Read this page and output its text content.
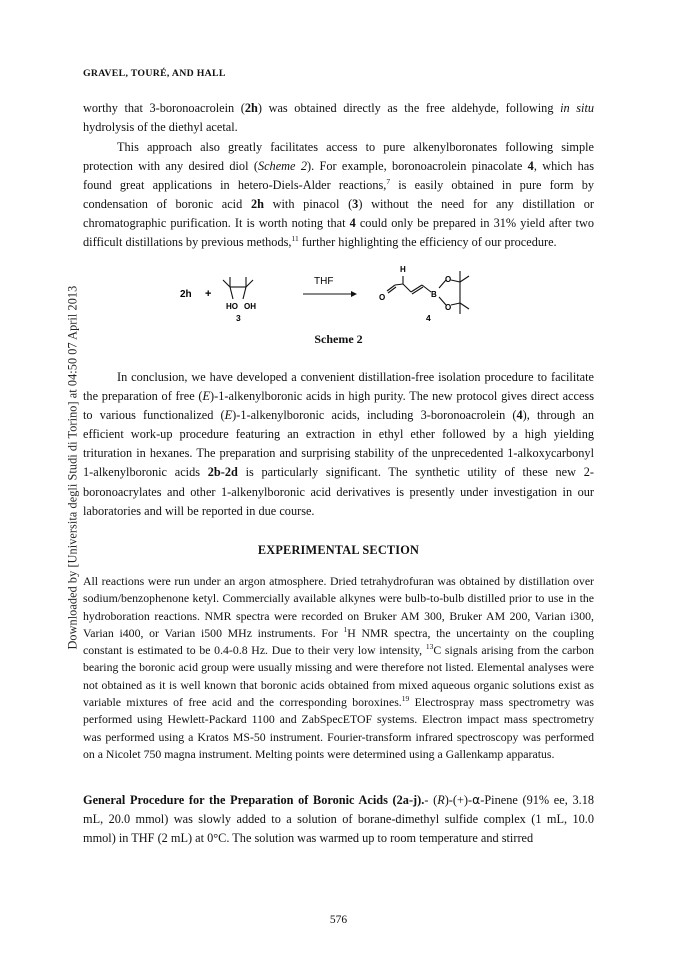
Downloaded by [Universita degli Studi di Torino] at 04:50 07 April 2013
GRAVEL, TOURÉ, AND HALL

worthy that 3-boronoacrolein (2h) was obtained directly as the free aldehyde, following in situ hydrolysis of the diethyl acetal.

This approach also greatly facilitates access to pure alkenylboronates following simple protection with any desired diol (Scheme 2). For example, boronoacrolein pinacolate 4, which has found great applications in hetero-Diels-Alder reactions,$^7$ is easily obtained in pure form by condensation of boronic acid 2h with pinacol (3) without the need for any distillation or chromatographic purification. It is worth noting that 4 could only be prepared in 31% yield after two difficult distillations by previous methods,$^{11}$ further highlighting the efficiency of our procedure.

2h +
HO OH
3
THF
H
O	B
O
O
4
Scheme 2

In conclusion, we have developed a convenient distillation-free isolation procedure to facilitate the preparation of free (E)-1-alkenylboronic acids in high purity. The new protocol gives direct access to various functionalized (E)-1-alkenylboronic acids, including 3-boronoacrolein (4), through an efficient work-up procedure featuring an extraction in ethyl ether followed by a high yielding trituration in hexanes. The preparation and surprising stability of the unprecedented 1-alkoxycarbonyl 1-alkenylboronic acids 2b-2d is particularly significant. The synthetic utility of these new 2-boronoacrylates and other 1-alkenylboronic acid derivatives is presently under investigation in our laboratories and will be reported in due course.

EXPERIMENTAL SECTION

All reactions were run under an argon atmosphere. Dried tetrahydrofuran was obtained by distillation over sodium/benzophenone ketyl. Commercially available alkynes were bulb-to-bulb distilled prior to use in the hydroboration reactions. NMR spectra were recorded on Bruker AM 300, Bruker AM 200, Varian i300, Varian i400, or Varian i500 MHz instruments. For $^1$H NMR spectra, the uncertainty on the coupling constant is estimated to be 0.4-0.8 Hz. Due to their very low intensity, $^{13}$C signals arising from the carbon bearing the boronic acid group were usually missing and were therefore not listed. Elemental analyses were not obtained as it is well known that boronic acids obtained from mixed aqueous organic solutions exist as variable mixtures of free acid and the corresponding boroxines.$^{19}$ Electrospray mass spectrometry was performed using Hewlett-Packard 1100 and ZabSpecETOF systems. Electron impact mass spectrometry was performed using a Kratos MS-50 instrument. Fourier-transform infrared spectroscopy was performed on a Nicolet 750 magna instrument. Melting points were determined using a Gallenkamp apparatus.

General Procedure for the Preparation of Boronic Acids (2a-j).- (R)-(+)-α-Pinene (91% ee, 3.18 mL, 20.0 mmol) was slowly added to a solution of borane-dimethyl sulfide complex (1 mL, 10.0 mmol) in THF (2 mL) at 0°C. The solution was warmed up to room temperature and stirred

576
